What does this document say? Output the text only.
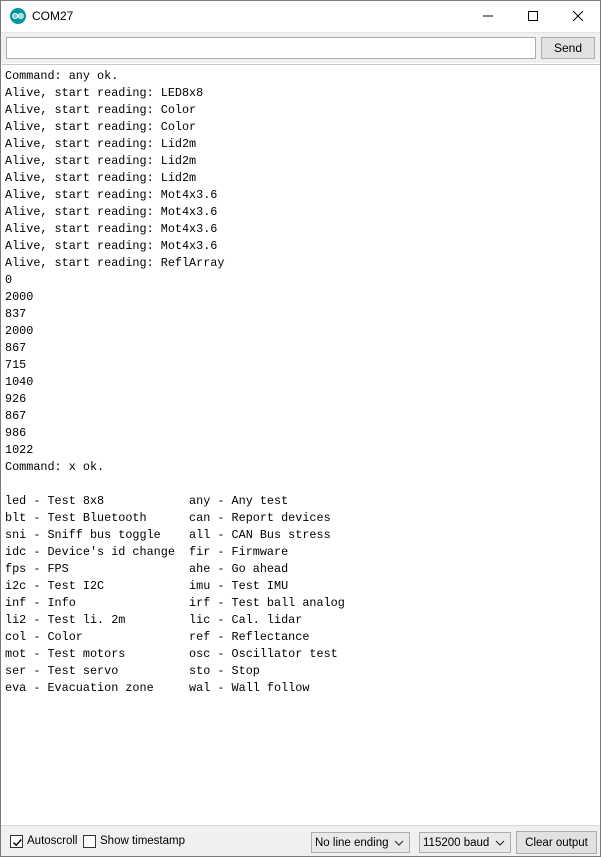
COM27
Send
Command: any ok.
Alive, start reading: LED8x8
Alive, start reading: Color
Alive, start reading: Color
Alive, start reading: Lid2m
Alive, start reading: Lid2m
Alive, start reading: Lid2m
Alive, start reading: Mot4x3.6
Alive, start reading: Mot4x3.6
Alive, start reading: Mot4x3.6
Alive, start reading: Mot4x3.6
Alive, start reading: ReflArray
0
2000
837
2000
867
715
1040
926
867
986
1022
Command: x ok.
led - Test 8x8            any - Any test
blt - Test Bluetooth      can - Report devices
sni - Sniff bus toggle    all - CAN Bus stress
idc - Device's id change  fir - Firmware
fps - FPS                 ahe - Go ahead
i2c - Test I2C            imu - Test IMU
inf - Info                irf - Test ball analog
li2 - Test li. 2m         lic - Cal. lidar
col - Color               ref - Reflectance
mot - Test motors         osc - Oscillator test
ser - Test servo          sto - Stop
eva - Evacuation zone     wal - Wall follow
Autoscroll Show timestamp	No line ending	115200 baud	Clear output
